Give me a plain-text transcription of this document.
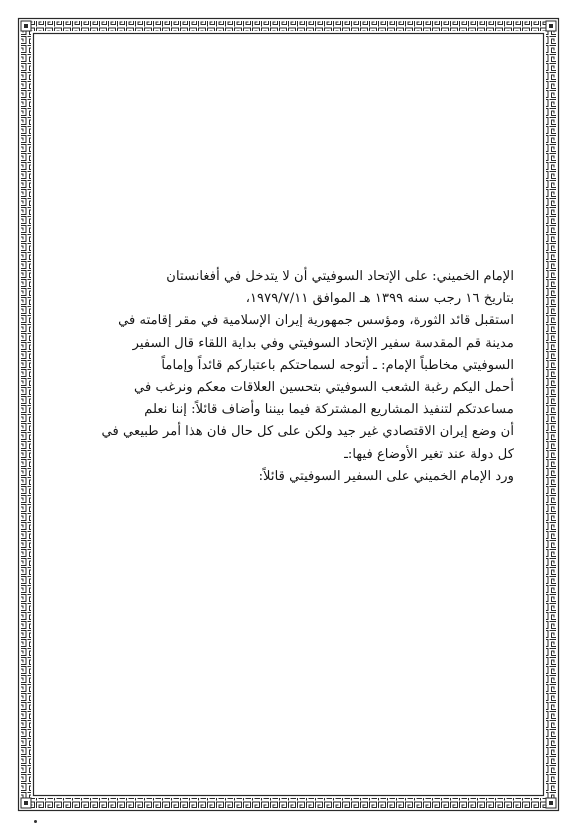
الإمام الخميني: على الإتحاد السوفيتي أن لا يتدخل في أفغانستان
بتاريخ ١٦ رجب سنه ١٣٩٩ هـ الموافق ١٩٧٩/٧/١١،
استقبل قائد الثورة، ومؤسس جمهورية إيران الإسلامية في مقر إقامته في
مدينة قم المقدسة سفير الإتحاد السوفيتي وفي بداية اللقاء قال السفير
السوفيتي مخاطباً الإمام: ـ أتوجه لسماحتكم باعتباركم قائداً وإماماً
أحمل اليكم رغبة الشعب السوفيتي بتحسين العلاقات معكم ونرغب في
مساعدتكم لتنفيذ المشاريع المشتركة فيما بيننا وأضاف قائلاً: إننا نعلم
أن وضع إيران الاقتصادي غير جيد ولكن على كل حال فان هذا أمر طبيعي في
كل دولة عند تغير الأوضاع فيها:ـ
ورد الإمام الخميني على السفير السوفيتي قائلاً:
